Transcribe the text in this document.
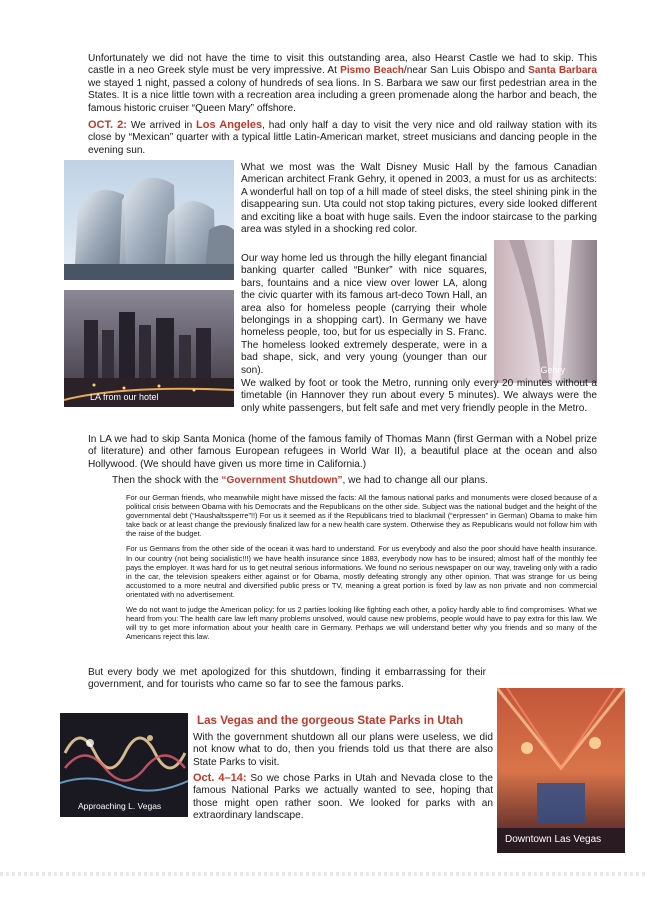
Unfortunately we did not have the time to visit this outstanding area, also Hearst Castle we had to skip. This castle in a neo Greek style must be very impressive. At Pismo Beach/near San Luis Obispo and Santa Barbara we stayed 1 night, passed a colony of hundreds of sea lions. In S. Barbara we saw our first pedestrian area in the States. It is a nice little town with a recreation area including a green promenade along the harbor and beach, the famous historic cruiser “Queen Mary” offshore.

OCT. 2: We arrived in Los Angeles, had only half a day to visit the very nice and old railway station with its close by “Mexican” quarter with a typical little Latin-American market, street musicians and dancing people in the evening sun.

What we most was the Walt Disney Music Hall by the famous Canadian American architect Frank Gehry, it opened in 2003, a must for us as architects: A wonderful hall on top of a hill made of steel disks, the steel shining pink in the disappearing sun. Uta could not stop taking pictures, every side looked different and exciting like a boat with huge sails. Even the indoor staircase to the parking area was styled in a shocking red color.

LA from our hotel

Our way home led us through the hilly elegant financial banking quarter called “Bunker” with nice squares, bars, fountains and a nice view over lower LA, along the civic quarter with its famous art-deco Town Hall, an area also for homeless people (carrying their whole belongings in a shopping cart). In Germany we have homeless people, too, but for us especially in S. Franc. The homeless looked extremely desperate, were in a bad shape, sick, and very young (younger than our son).	Gehry

We walked by foot or took the Metro, running only every 20 minutes without a timetable (in Hannover they run about every 5 minutes). We always were the only white passengers, but felt safe and met very friendly people in the Metro.

In LA we had to skip Santa Monica (home of the famous family of Thomas Mann (first German with a Nobel prize of literature) and other famous European refugees in World War II), a beautiful place at the ocean and also Hollywood. (We should have given us more time in California.)

Then the shock with the “Government Shutdown”, we had to change all our plans.

For our German friends, who meanwhile might have missed the facts: All the famous national parks and monuments were closed because of a political crisis between Obama with his Democrats and the Republicans on the other side. Subject was the national budget and the height of the governmental debt (“Haushaltssperre”!!) For us it seemed as if the Republicans tried to blackmail (“erpressen” in German) Obama to make him take back or at least change the previously finalized law for a new health care system. Otherwise they as Republicans would not follow him with the raise of the budget.

For us Germans from the other side of the ocean it was hard to understand. For us everybody and also the poor should have health insurance. In our country (not being socialistic!!!) we have health insurance since 1883, everybody now has to be insured; almost half of the monthly fee pays the employer. It was hard for us to get neutral serious informations. We found no serious newspaper on our way, traveling only with a radio in the car, the television speakers either against or for Obama, mostly defeating strongly any other opinion. That was strange for us being accustomed to a more neutral and diversified public press or TV, meaning a great portion is fixed by law as non private and non commercial orientated with no advertisement.

We do not want to judge the American policy: for us 2 parties looking like fighting each other, a policy hardly able to find compromises. What we heard from you: The health care law left many problems unsolved, would cause new problems, people would have to pay extra for this law. We will try to get more information about your health care in Germany. Perhaps we will understand better why you friends and so many of the Americans reject this law.

But every body we met apologized for this shutdown, finding it embarrassing for their government, and for tourists who came so far to see the famous parks.

Downtown Las Vegas
Approaching L. Vegas
Las Vegas and the gorgeous State Parks in Utah

With the government shutdown all our plans were useless, we did not know what to do, then you friends told us that there are also State Parks to visit.

Oct. 4–14: So we chose Parks in Utah and Nevada close to the famous National Parks we actually wanted to see, hoping that those might open rather soon. We looked for parks with an extraordinary landscape.
